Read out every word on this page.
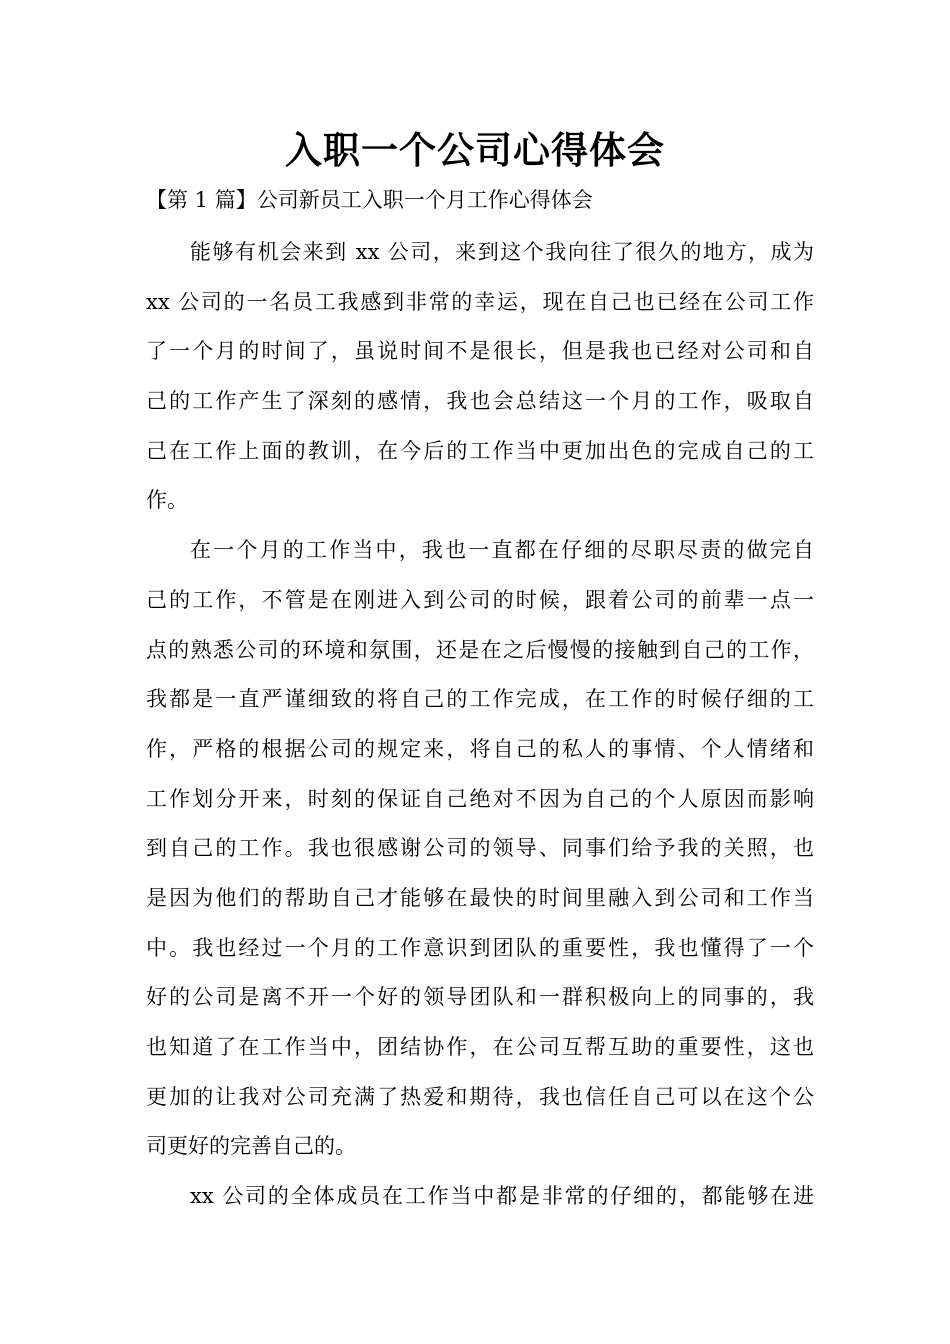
入职一个公司心得体会
【第 1 篇】公司新员工入职一个月工作心得体会
能够有机会来到 xx 公司，来到这个我向往了很久的地方，成为
xx 公司的一名员工我感到非常的幸运，现在自己也已经在公司工作
了一个月的时间了，虽说时间不是很长，但是我也已经对公司和自
己的工作产生了深刻的感情，我也会总结这一个月的工作，吸取自
己在工作上面的教训，在今后的工作当中更加出色的完成自己的工
作。
在一个月的工作当中，我也一直都在仔细的尽职尽责的做完自
己的工作，不管是在刚进入到公司的时候，跟着公司的前辈一点一
点的熟悉公司的环境和氛围，还是在之后慢慢的接触到自己的工作，
我都是一直严谨细致的将自己的工作完成，在工作的时候仔细的工
作，严格的根据公司的规定来，将自己的私人的事情、个人情绪和
工作划分开来，时刻的保证自己绝对不因为自己的个人原因而影响
到自己的工作。我也很感谢公司的领导、同事们给予我的关照，也
是因为他们的帮助自己才能够在最快的时间里融入到公司和工作当
中。我也经过一个月的工作意识到团队的重要性，我也懂得了一个
好的公司是离不开一个好的领导团队和一群积极向上的同事的，我
也知道了在工作当中，团结协作，在公司互帮互助的重要性，这也
更加的让我对公司充满了热爱和期待，我也信任自己可以在这个公
司更好的完善自己的。
xx 公司的全体成员在工作当中都是非常的仔细的，都能够在进
